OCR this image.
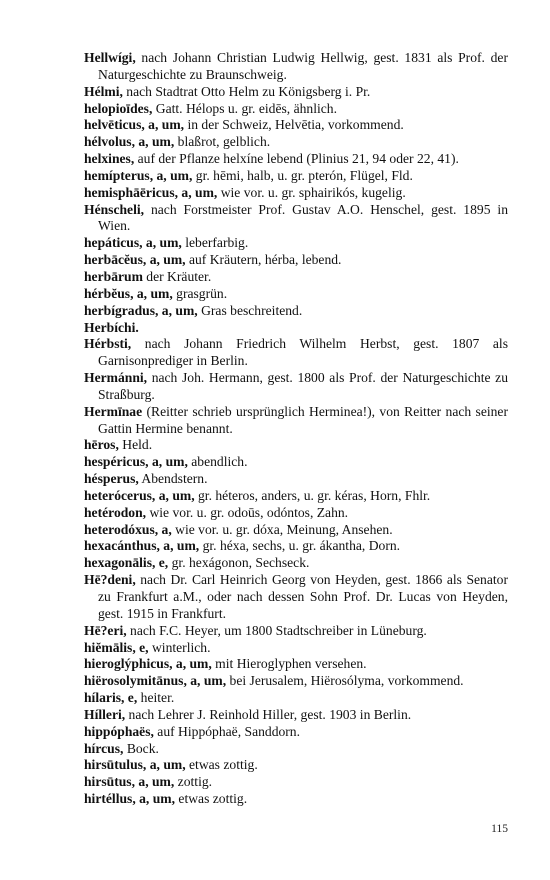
Hellwígi, nach Johann Christian Ludwig Hellwig, gest. 1831 als Prof. der Naturgeschichte zu Braunschweig.

Hélmi, nach Stadtrat Otto Helm zu Königsberg i. Pr.

helopioīdes, Gatt. Hélops u. gr. eidēs, ähnlich.

helvēticus, a, um, in der Schweiz, Helvētia, vorkommend.

hélvolus, a, um, blaßrot, gelblich.

helxines, auf der Pflanze helxíne lebend (Plinius 21, 94 oder 22, 41).

hemípterus, a, um, gr. hēmi, halb, u. gr. pterón, Flügel, Fld.

hemisphāēricus, a, um, wie vor. u. gr. sphairikós, kugelig.

Hénscheli, nach Forstmeister Prof. Gustav A.O. Henschel, gest. 1895 in Wien.

hepáticus, a, um, leberfarbig.

herbācĕus, a, um, auf Kräutern, hérba, lebend.

herbārum der Kräuter.

hérbĕus, a, um, grasgrün.

herbígradus, a, um, Gras beschreitend.

Herbíchi.

Hérbsti, nach Johann Friedrich Wilhelm Herbst, gest. 1807 als Garnisonprediger in Berlin.

Hermánni, nach Joh. Hermann, gest. 1800 als Prof. der Naturgeschichte zu Straßburg.

Hermīnae (Reitter schrieb ursprünglich Herminea!), von Reitter nach seiner Gattin Hermine benannt.

hēros, Held.

hespéricus, a, um, abendlich.

hésperus, Abendstern.

heterócerus, a, um, gr. héteros, anders, u. gr. kéras, Horn, Fhlr.

hetérodon, wie vor. u. gr. odoūs, odóntos, Zahn.

heterodóxus, a, wie vor. u. gr. dóxa, Meinung, Ansehen.

hexacánthus, a, um, gr. héxa, sechs, u. gr. ákantha, Dorn.

hexagonālis, e, gr. hexágonon, Sechseck.

Hē?deni, nach Dr. Carl Heinrich Georg von Heyden, gest. 1866 als Senator zu Frankfurt a.M., oder nach dessen Sohn Prof. Dr. Lucas von Heyden, gest. 1915 in Frankfurt.

Hē?eri, nach F.C. Heyer, um 1800 Stadtschreiber in Lüneburg.

hiĕmālis, e, winterlich.

hieroglýphicus, a, um, mit Hieroglyphen versehen.

hiërosolymitānus, a, um, bei Jerusalem, Hiërosólyma, vorkommend.

hílaris, e, heiter.

Hílleri, nach Lehrer J. Reinhold Hiller, gest. 1903 in Berlin.

hippóphaës, auf Hippóphaë, Sanddorn.

hírcus, Bock.

hirsūtulus, a, um, etwas zottig.

hirsūtus, a, um, zottig.

hirtéllus, a, um, etwas zottig.

115
